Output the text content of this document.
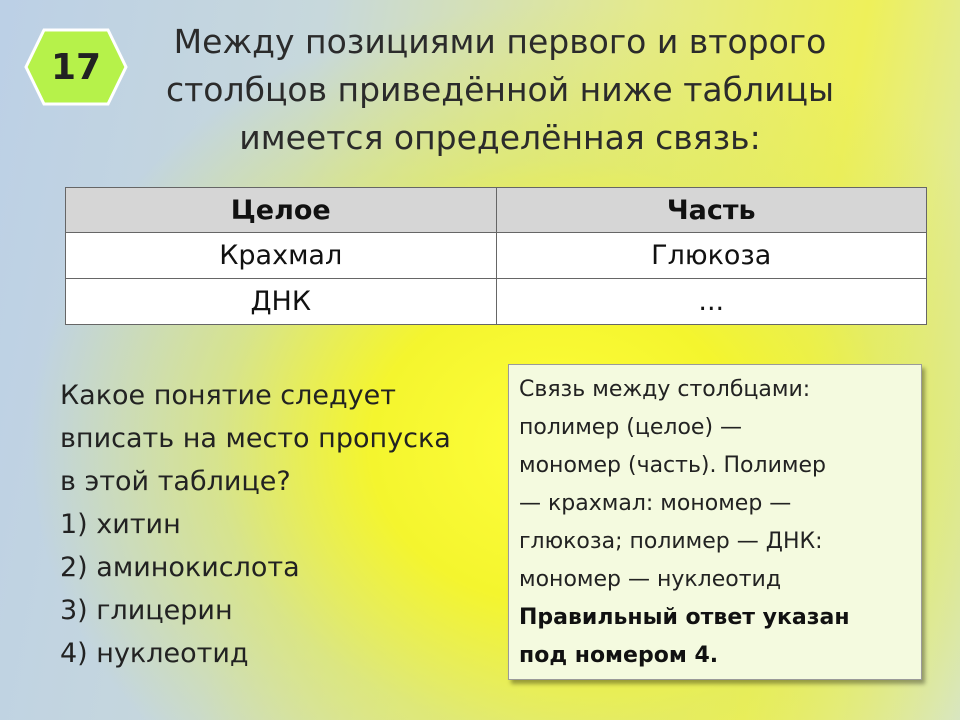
17
Между позициями первого и второго
столбцов приведённой ниже таблицы
имеется определённая связь:
Целое	Часть
Крахмал	Глюкоза
ДНК	...
Какое понятие следует
вписать на место пропуска
в этой таблице?
1) хитин
2) аминокислота
3) глицерин
4) нуклеотид
Связь между столбцами:
полимер (целое) —
мономер (часть). Полимер
— крахмал: мономер —
глюкоза; полимер — ДНК:
мономер — нуклеотид
Правильный ответ указан
под номером 4.
